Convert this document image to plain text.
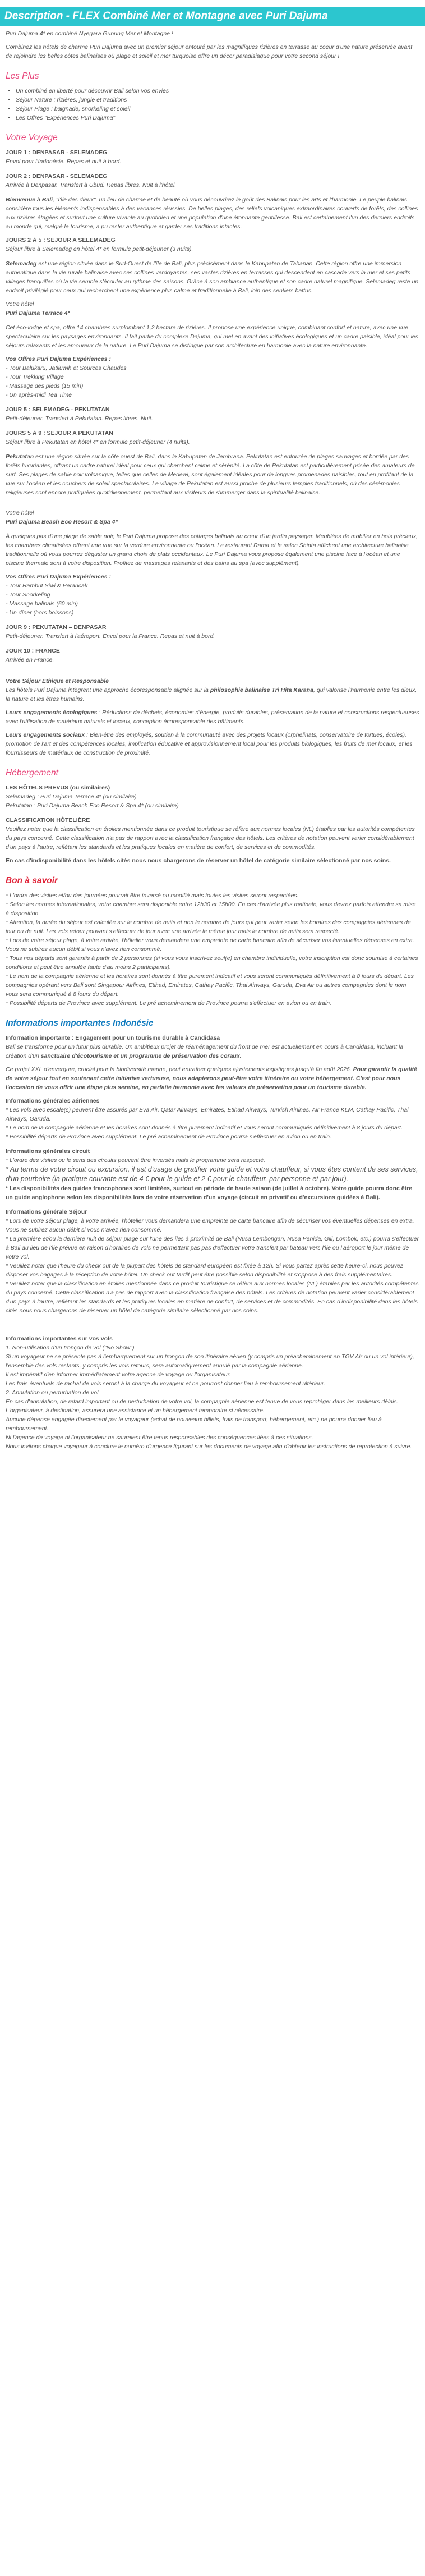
Description - FLEX Combiné Mer et Montagne avec Puri Dajuma

Puri Dajuma 4* en combiné Nyegara Gunung Mer et Montagne !

Combinez les hôtels de charme Puri Dajuma avec un premier séjour entouré par les magnifiques rizières en terrasse au coeur d'une nature préservée avant de rejoindre les belles côtes balinaises où plage et soleil et mer turquoise offre un décor paradisiaque pour votre second séjour !

Les Plus
• Un combiné en liberté pour découvrir Bali selon vos envies
• Séjour Nature : rizières, jungle et traditions
• Séjour Plage : baignade, snorkeling et soleil
• Les Offres "Expériences Puri Dajuma"
Votre Voyage
JOUR 1 : DENPASAR - SELEMADEG
Envol pour l'Indonésie. Repas et nuit à bord.
JOUR 2 : DENPASAR - SELEMADEG
Arrivée à Denpasar. Transfert à Ubud. Repas libres. Nuit à l'hôtel.

Bienvenue à Bali, "l'île des dieux", un lieu de charme et de beauté où vous découvrirez le goût des Balinais pour les arts et l'harmonie. Le peuple balinais considère tous les éléments indispensables à des vacances réussies. De belles plages, des reliefs volcaniques extraordinaires couverts de forêts, des collines aux rizières étagées et surtout une culture vivante au quotidien et une population d'une étonnante gentillesse. Bali est certainement l'un des derniers endroits au monde qui, malgré le tourisme, a pu rester authentique et garder ses traditions intactes.

JOURS 2 À 5 : SEJOUR A SELEMADEG
Séjour libre à Selemadeg en hôtel 4* en formule petit-déjeuner (3 nuits).

Selemadeg est une région située dans le Sud-Ouest de l'île de Bali, plus précisément dans le Kabupaten de Tabanan. Cette région offre une immersion authentique dans la vie rurale balinaise avec ses collines verdoyantes, ses vastes rizières en terrasses qui descendent en cascade vers la mer et ses petits villages tranquilles où la vie semble s'écouler au rythme des saisons. Grâce à son ambiance authentique et son cadre naturel magnifique, Selemadeg reste un endroit privilégié pour ceux qui recherchent une expérience plus calme et traditionnelle à Bali, loin des sentiers battus.

Votre hôtel
Puri Dajuma Terrace 4*

Cet éco-lodge et spa, offre 14 chambres surplombant 1,2 hectare de rizières. Il propose une expérience unique, combinant confort et nature, avec une vue spectaculaire sur les paysages environnants. Il fait partie du complexe Dajuma, qui met en avant des initiatives écologiques et un cadre paisible, idéal pour les séjours relaxants et les amoureux de la nature. Le Puri Dajuma se distingue par son architecture en harmonie avec la nature environnante.

Vos Offres Puri Dajuma Expériences :
- Tour Balukaru, Jatiluwih et Sources Chaudes
- Tour Trekking Village
- Massage des pieds (15 min)
- Un après-midi Tea Time
JOUR 5 : SELEMADEG - PEKUTATAN
Petit-déjeuner. Transfert à Pekutatan. Repas libres. Nuit.
JOURS 5 À 9 : SEJOUR A PEKUTATAN
Séjour libre à Pekutatan en hôtel 4* en formule petit-déjeuner (4 nuits).

Pekutatan est une région située sur la côte ouest de Bali, dans le Kabupaten de Jembrana. Pekutatan est entourée de plages sauvages et bordée par des forêts luxuriantes, offrant un cadre naturel idéal pour ceux qui cherchent calme et sérénité. La côte de Pekutatan est particulièrement prisée des amateurs de surf. Ses plages de sable noir volcanique, telles que celles de Medewi, sont également idéales pour de longues promenades paisibles, tout en profitant de la vue sur l'océan et les couchers de soleil spectaculaires. Le village de Pekutatan est aussi proche de plusieurs temples traditionnels, où des cérémonies religieuses sont encore pratiquées quotidiennement, permettant aux visiteurs de s'immerger dans la spiritualité balinaise.

Votre hôtel
Puri Dajuma Beach Eco Resort & Spa 4*

À quelques pas d'une plage de sable noir, le Puri Dajuma propose des cottages balinais au cœur d'un jardin paysager. Meublées de mobilier en bois précieux, les chambres climatisées offrent une vue sur la verdure environnante ou l'océan. Le restaurant Rama et le salon Shinta affichent une architecture balinaise traditionnelle où vous pourrez déguster un grand choix de plats occidentaux. Le Puri Dajuma vous propose également une piscine face à l'océan et une piscine thermale sont à votre disposition. Profitez de massages relaxants et des bains au spa (avec supplément).

Vos Offres Puri Dajuma Expériences :
- Tour Rambut Siwi & Perancak
- Tour Snorkeling
- Massage balinais (60 min)
- Un dîner (hors boissons)
JOUR 9 : PEKUTATAN – DENPASAR
Petit-déjeuner. Transfert à l'aéroport. Envol pour la France. Repas et nuit à bord.
JOUR 10 : FRANCE
Arrivée en France.
Votre Séjour Ethique et Responsable

Les hôtels Puri Dajuma intègrent une approche écoresponsable alignée sur la philosophie balinaise Tri Hita Karana, qui valorise l'harmonie entre les dieux, la nature et les êtres humains.

Leurs engagements écologiques : Réductions de déchets, économies d'énergie, produits durables, préservation de la nature et constructions respectueuses avec l'utilisation de matériaux naturels et locaux, conception écoresponsable des bâtiments.

Leurs engagements sociaux : Bien-être des employés, soutien à la communauté avec des projets locaux (orphelinats, conservatoire de tortues, écoles), promotion de l'art et des compétences locales, implication éducative et approvisionnement local pour les produits biologiques, les fruits de mer locaux, et les fournisseurs de matériaux de construction de proximité.

Hébergement
LES HÔTELS PREVUS (ou similaires)
Selemadeg : Puri Dajuma Terrace 4* (ou similaire)
Pekutatan : Puri Dajuma Beach Eco Resort & Spa 4* (ou similaire)
CLASSIFICATION HÔTELIÈRE

Veuillez noter que la classification en étoiles mentionnée dans ce produit touristique se réfère aux normes locales (NL) établies par les autorités compétentes du pays concerné. Cette classification n'a pas de rapport avec la classification française des hôtels. Les critères de notation peuvent varier considérablement d'un pays à l'autre, reflétant les standards et les pratiques locales en matière de confort, de services et de commodités.

En cas d'indisponibilité dans les hôtels cités nous nous chargerons de réserver un hôtel de catégorie similaire sélectionné par nos soins.

Bon à savoir
* L'ordre des visites et/ou des journées pourrait être inversé ou modifié mais toutes les visites seront respectées.
* Selon les normes internationales, votre chambre sera disponible entre 12h30 et 15h00. En cas d'arrivée plus matinale, vous devrez parfois attendre sa mise à disposition.
* Attention, la durée du séjour est calculée sur le nombre de nuits et non le nombre de jours qui peut varier selon les horaires des compagnies aériennes de jour ou de nuit. Les vols retour pouvant s'effectuer de jour avec une arrivée le même jour mais le nombre de nuits sera respecté.
* Lors de votre séjour plage, à votre arrivée, l'hôtelier vous demandera une empreinte de carte bancaire afin de sécuriser vos éventuelles dépenses en extra. Vous ne subirez aucun débit si vous n'avez rien consommé.
* Tous nos départs sont garantis à partir de 2 personnes (si vous vous inscrivez seul(e) en chambre individuelle, votre inscription est donc soumise à certaines conditions et peut être annulée faute d'au moins 2 participants).
* Le nom de la compagnie aérienne et les horaires sont donnés à titre purement indicatif et vous seront communiqués définitivement à 8 jours du départ. Les compagnies opérant vers Bali sont Singapour Airlines, Etihad, Emirates, Cathay Pacific, Thai Airways, Garuda, Eva Air ou autres compagnies dont le nom vous sera communiqué à 8 jours du départ.
* Possibilité départs de Province avec supplément. Le pré acheminement de Province pourra s'effectuer en avion ou en train.
Informations importantes Indonésie
Information importante : Engagement pour un tourisme durable à Candidasa

Bali se transforme pour un futur plus durable. Un ambitieux projet de réaménagement du front de mer est actuellement en cours à Candidasa, incluant la création d'un sanctuaire d'écotourisme et un programme de préservation des coraux.

Ce projet XXL d'envergure, crucial pour la biodiversité marine, peut entraîner quelques ajustements logistiques jusqu'à fin août 2026. Pour garantir la qualité de votre séjour tout en soutenant cette initiative vertueuse, nous adapterons peut-être votre itinéraire ou votre hébergement. C'est pour nous l'occasion de vous offrir une étape plus sereine, en parfaite harmonie avec les valeurs de préservation pour un tourisme durable.

Informations générales aériennes
* Les vols avec escale(s) peuvent être assurés par Eva Air, Qatar Airways, Emirates, Etihad Airways, Turkish Airlines, Air France KLM, Cathay Pacific, Thai Airways, Garuda.
* Le nom de la compagnie aérienne et les horaires sont donnés à titre purement indicatif et vous seront communiqués définitivement à 8 jours du départ.
* Possibilité départs de Province avec supplément. Le pré acheminement de Province pourra s'effectuer en avion ou en train.
Informations générales circuit
* L'ordre des visites ou le sens des circuits peuvent être inversés mais le programme sera respecté.
* Au terme de votre circuit ou excursion, il est d'usage de gratifier votre guide et votre chauffeur, si vous êtes content de ses services, d'un pourboire (la pratique courante est de 4 € pour le guide et 2 € pour le chauffeur, par personne et par jour).
* Les disponibilités des guides francophones sont limitées, surtout en période de haute saison (de juillet à octobre). Votre guide pourra donc être un guide anglophone selon les disponibilités lors de votre réservation d'un voyage (circuit en privatif ou d'excursions guidées à Bali).
Informations générale Séjour
* Lors de votre séjour plage, à votre arrivée, l'hôtelier vous demandera une empreinte de carte bancaire afin de sécuriser vos éventuelles dépenses en extra. Vous ne subirez aucun débit si vous n'avez rien consommé.
* La première et/ou la dernière nuit de séjour plage sur l'une des îles à proximité de Bali (Nusa Lembongan, Nusa Penida, Gili, Lombok, etc.) pourra s'effectuer à Bali au lieu de l'île prévue en raison d'horaires de vols ne permettant pas pas d'effectuer votre transfert par bateau vers l'île ou l'aéroport le jour même de votre vol.
* Veuillez noter que l'heure du check out de la plupart des hôtels de standard européen est fixée à 12h. Si vous partez après cette heure-ci, nous pouvez disposer vos bagages à la réception de votre hôtel. Un check out tardif peut être possible selon disponibilité et s'oppose à des frais supplémentaires.
* Veuillez noter que la classification en étoiles mentionnée dans ce produit touristique se réfère aux normes locales (NL) établies par les autorités compétentes du pays concerné. Cette classification n'a pas de rapport avec la classification française des hôtels. Les critères de notation peuvent varier considérablement d'un pays à l'autre, reflétant les standards et les pratiques locales en matière de confort, de services et de commodités. En cas d'indisponibilité dans les hôtels cités nous nous chargerons de réserver un hôtel de catégorie similaire sélectionné par nos soins.
Informations importantes sur vos vols
1. Non-utilisation d'un tronçon de vol ("No Show")
Si un voyageur ne se présente pas à l'embarquement sur un tronçon de son itinéraire aérien (y compris un préacheminement en TGV Air ou un vol intérieur), l'ensemble des vols restants, y compris les vols retours, sera automatiquement annulé par la compagnie aérienne.
Il est impératif d'en informer immédiatement votre agence de voyage ou l'organisateur.
Les frais éventuels de rachat de vols seront à la charge du voyageur et ne pourront donner lieu à remboursement ultérieur.
2. Annulation ou perturbation de vol
En cas d'annulation, de retard important ou de perturbation de votre vol, la compagnie aérienne est tenue de vous reprotéger dans les meilleurs délais.
L'organisateur, à destination, assurera une assistance et un hébergement temporaire si nécessaire.
Aucune dépense engagée directement par le voyageur (achat de nouveaux billets, frais de transport, hébergement, etc.) ne pourra donner lieu à remboursement.
Ni l'agence de voyage ni l'organisateur ne sauraient être tenus responsables des conséquences liées à ces situations.
Nous invitons chaque voyageur à conclure le numéro d'urgence figurant sur les documents de voyage afin d'obtenir les instructions de reprotection à suivre.
